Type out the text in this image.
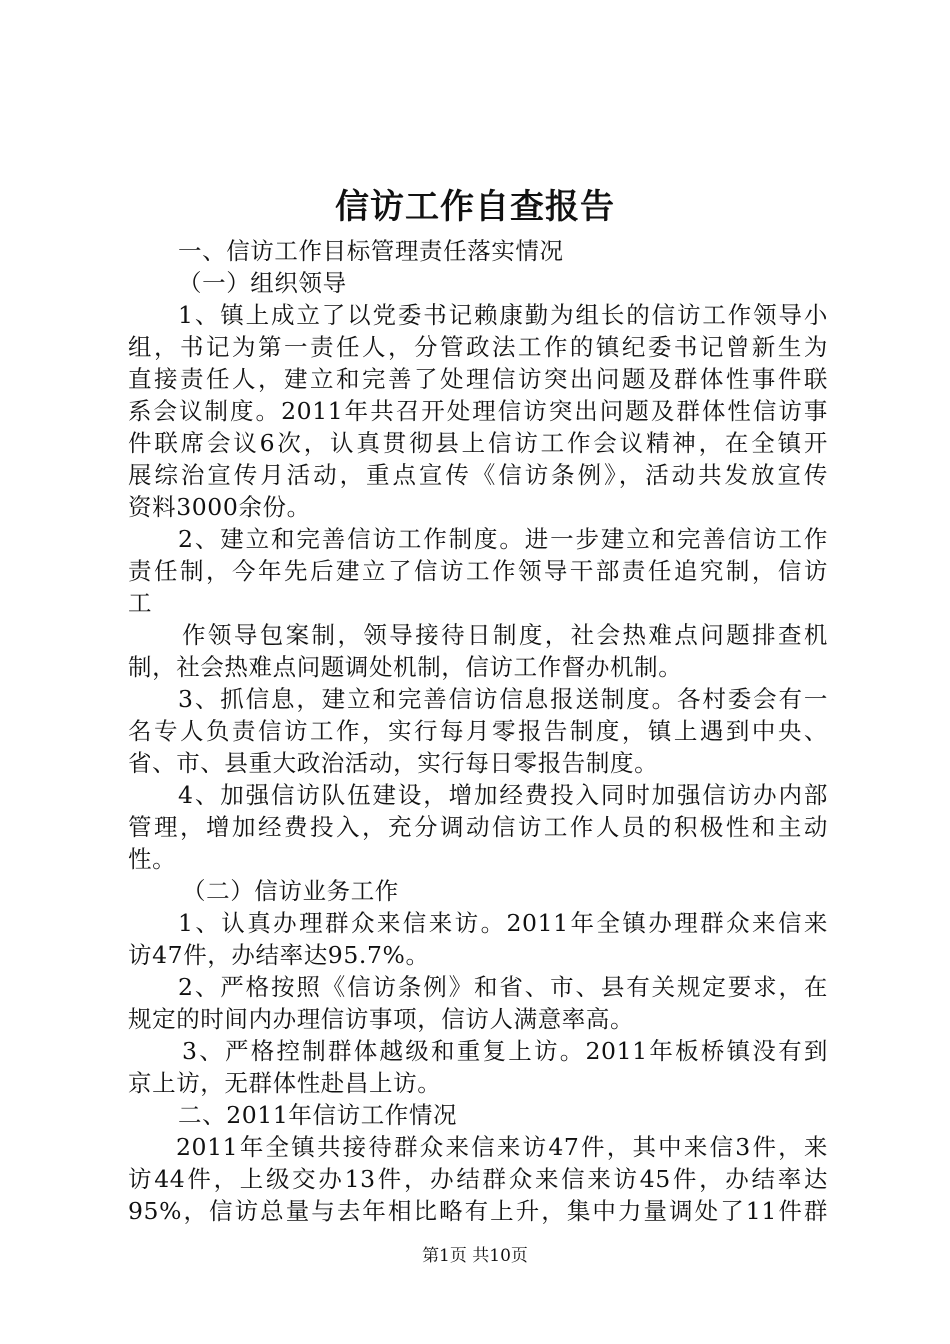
信访工作自查报告
一、信访工作目标管理责任落实情况
（一）组织领导
1、镇上成立了以党委书记赖康勤为组长的信访工作领导小
组，书记为第一责任人，分管政法工作的镇纪委书记曾新生为
直接责任人，建立和完善了处理信访突出问题及群体性事件联
系会议制度。2011年共召开处理信访突出问题及群体性信访事
件联席会议6次，认真贯彻县上信访工作会议精神，在全镇开
展综治宣传月活动，重点宣传《信访条例》，活动共发放宣传
资料3000余份。
2、建立和完善信访工作制度。进一步建立和完善信访工作
责任制，今年先后建立了信访工作领导干部责任追究制，信访
工
作领导包案制，领导接待日制度，社会热难点问题排查机
制，社会热难点问题调处机制，信访工作督办机制。
3、抓信息，建立和完善信访信息报送制度。各村委会有一
名专人负责信访工作，实行每月零报告制度，镇上遇到中央、
省、市、县重大政治活动，实行每日零报告制度。
4、加强信访队伍建设，增加经费投入同时加强信访办内部
管理，增加经费投入，充分调动信访工作人员的积极性和主动
性。
（二）信访业务工作
1、认真办理群众来信来访。2011年全镇办理群众来信来
访47件，办结率达95.7%。
2、严格按照《信访条例》和省、市、县有关规定要求，在
规定的时间内办理信访事项，信访人满意率高。
3、严格控制群体越级和重复上访。2011年板桥镇没有到
京上访，无群体性赴昌上访。
二、2011年信访工作情况
2011年全镇共接待群众来信来访47件，其中来信3件，来
访44件，上级交办13件，办结群众来信来访45件，办结率达
95%，信访总量与去年相比略有上升，集中力量调处了11件群
第1页 共10页
